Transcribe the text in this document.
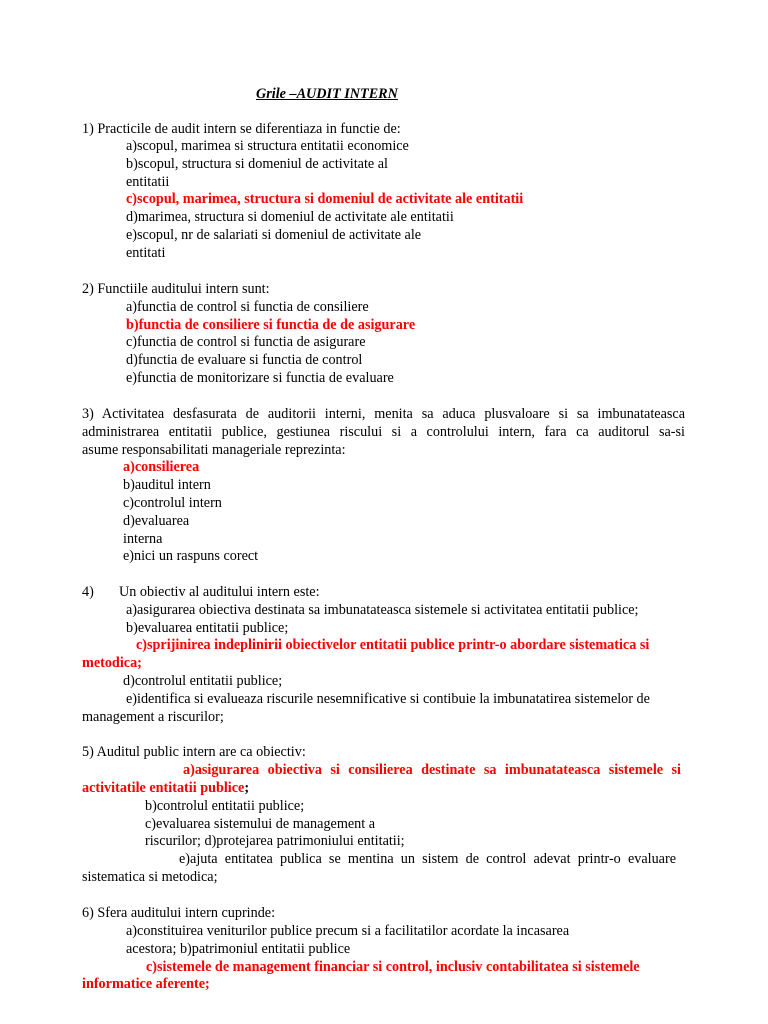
Grile –AUDIT INTERN
1) Practicile de audit intern se diferentiaza in functie de:
a)scopul, marimea si structura entitatii economice
b)scopul, structura si domeniul de activitate al
entitatii
c)scopul, marimea, structura si domeniul de activitate ale entitatii
d)marimea, structura si domeniul de activitate ale entitatii
e)scopul, nr de salariati si domeniul de activitate ale
entitati
2) Functiile auditului intern sunt:
a)functia de control si functia de consiliere
b)functia de consiliere si functia de de asigurare
c)functia de control si functia de asigurare
d)functia de evaluare si functia de control
e)functia de monitorizare si functia de evaluare
3) Activitatea desfasurata de auditorii interni, menita sa aduca plusvaloare si sa imbunatateasca
administrarea entitatii publice, gestiunea riscului si a controlului intern, fara ca auditorul sa-si
asume responsabilitati manageriale reprezinta:
a)consilierea
b)auditul intern
c)controlul intern
d)evaluarea
interna
e)nici un raspuns corect
4) Un obiectiv al auditului intern este:
a)asigurarea obiectiva destinata sa imbunatateasca sistemele si activitatea entitatii publice;
b)evaluarea entitatii publice;
c)sprijinirea indeplinirii obiectivelor entitatii publice printr-o abordare sistematica si
metodica;
d)controlul entitatii publice;
e)identifica si evalueaza riscurile nesemnificative si contibuie la imbunatatirea sistemelor de
management a riscurilor;
5) Auditul public intern are ca obiectiv:
a)asigurarea obiectiva si consilierea destinate sa imbunatateasca sistemele si
activitatile entitatii publice;
b)controlul entitatii publice;
c)evaluarea sistemului de management a
riscurilor; d)protejarea patrimoniului entitatii;
e)ajuta entitatea publica se mentina un sistem de control adevat printr-o evaluare
sistematica si metodica;
6) Sfera auditului intern cuprinde:
a)constituirea veniturilor publice precum si a facilitatilor acordate la incasarea
acestora; b)patrimoniul entitatii publice
c)sistemele de management financiar si control, inclusiv contabilitatea si sistemele
informatice aferente;
